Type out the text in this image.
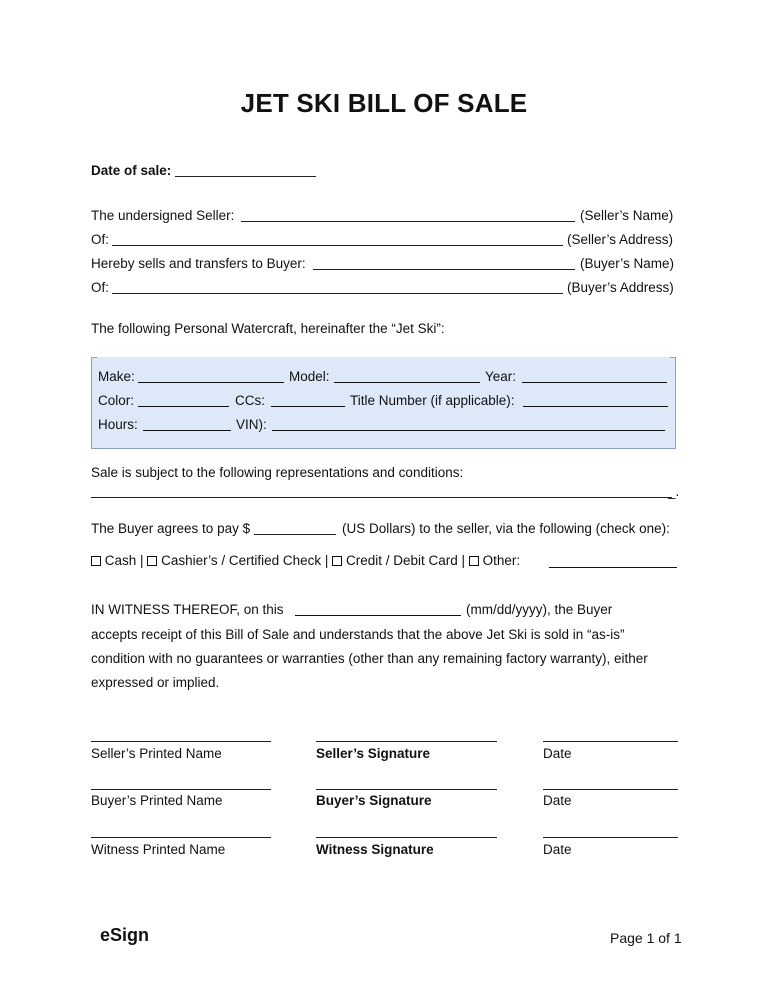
JET SKI BILL OF SALE
Date of sale:
The undersigned Seller:	(Seller’s Name)
Of:	(Seller’s Address)
Hereby sells and transfers to Buyer:	(Buyer’s Name)
Of:	(Buyer’s Address)
The following Personal Watercraft, hereinafter the “Jet Ski”:
Make:	Model:	Year:
Color:	CCs:	Title Number (if applicable):
Hours:	VIN):
Sale is subject to the following representations and conditions:
_.
The Buyer agrees to pay $	(US Dollars) to the seller, via the following (check one):
Cash | Cashier’s / Certified Check | Credit / Debit Card | Other:
IN WITNESS THEREOF, on this	(mm/dd/yyyy), the Buyer
accepts receipt of this Bill of Sale and understands that the above Jet Ski is sold in “as-is”
condition with no guarantees or warranties (other than any remaining factory warranty), either
expressed or implied.
Seller’s Printed Name	Seller’s Signature	Date
Buyer’s Printed Name	Buyer’s Signature	Date
Witness Printed Name	Witness Signature	Date
eSign	Page 1 of 1
